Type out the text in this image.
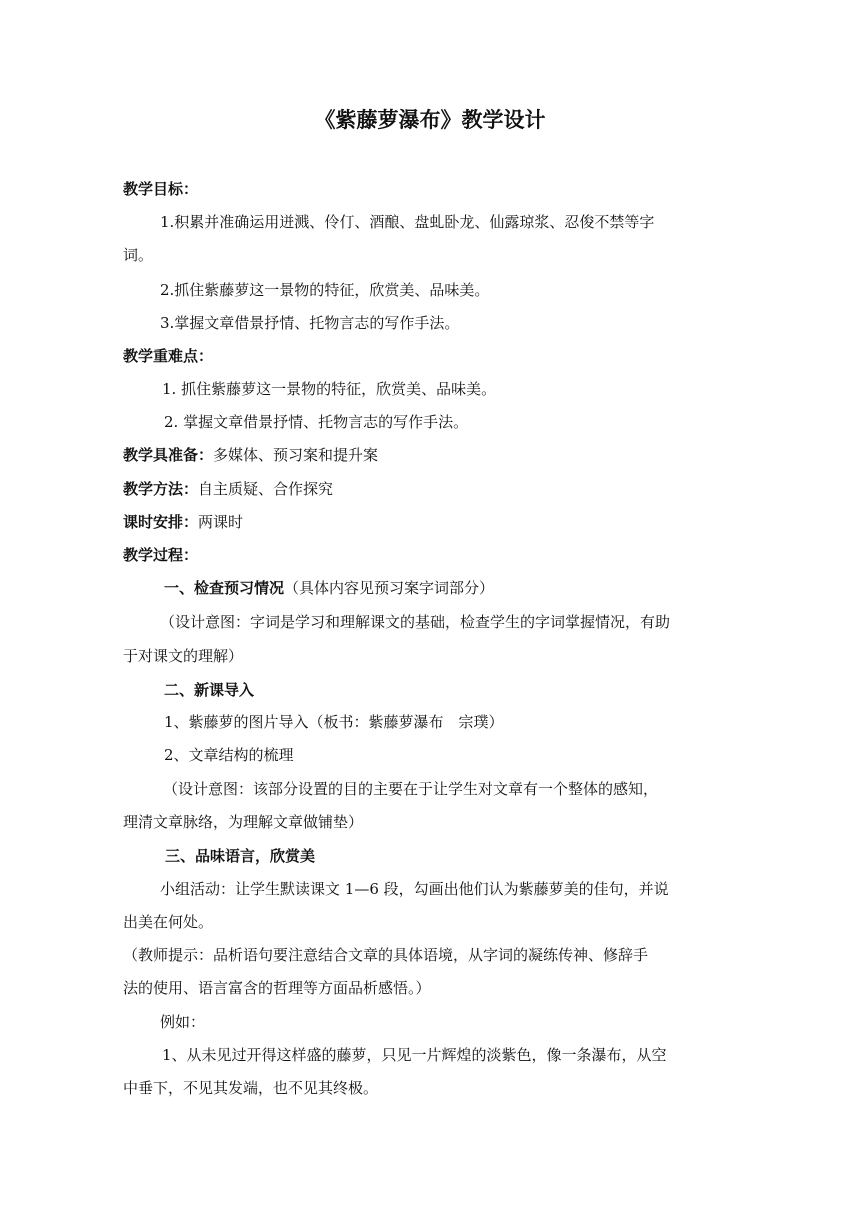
《紫藤萝瀑布》教学设计
教学目标：
1.积累并准确运用迸溅、伶仃、酒酿、盘虬卧龙、仙露琼浆、忍俊不禁等字
词。
2.抓住紫藤萝这一景物的特征，欣赏美、品味美。
3.掌握文章借景抒情、托物言志的写作手法。
教学重难点：
1. 抓住紫藤萝这一景物的特征，欣赏美、品味美。
2. 掌握文章借景抒情、托物言志的写作手法。
教学具准备：多媒体、预习案和提升案
教学方法：自主质疑、合作探究
课时安排：两课时
教学过程：
一、检查预习情况（具体内容见预习案字词部分）
（设计意图：字词是学习和理解课文的基础，检查学生的字词掌握情况，有助
于对课文的理解）
二、新课导入
1、紫藤萝的图片导入（板书：紫藤萝瀑布　宗璞）
2、文章结构的梳理
（设计意图：该部分设置的目的主要在于让学生对文章有一个整体的感知，
理清文章脉络，为理解文章做铺垫）
三、品味语言，欣赏美
小组活动：让学生默读课文 1—6 段，勾画出他们认为紫藤萝美的佳句，并说
出美在何处。
（教师提示：品析语句要注意结合文章的具体语境，从字词的凝练传神、修辞手
法的使用、语言富含的哲理等方面品析感悟。）
例如：
1、从未见过开得这样盛的藤萝，只见一片辉煌的淡紫色，像一条瀑布，从空
中垂下，不见其发端，也不见其终极。
